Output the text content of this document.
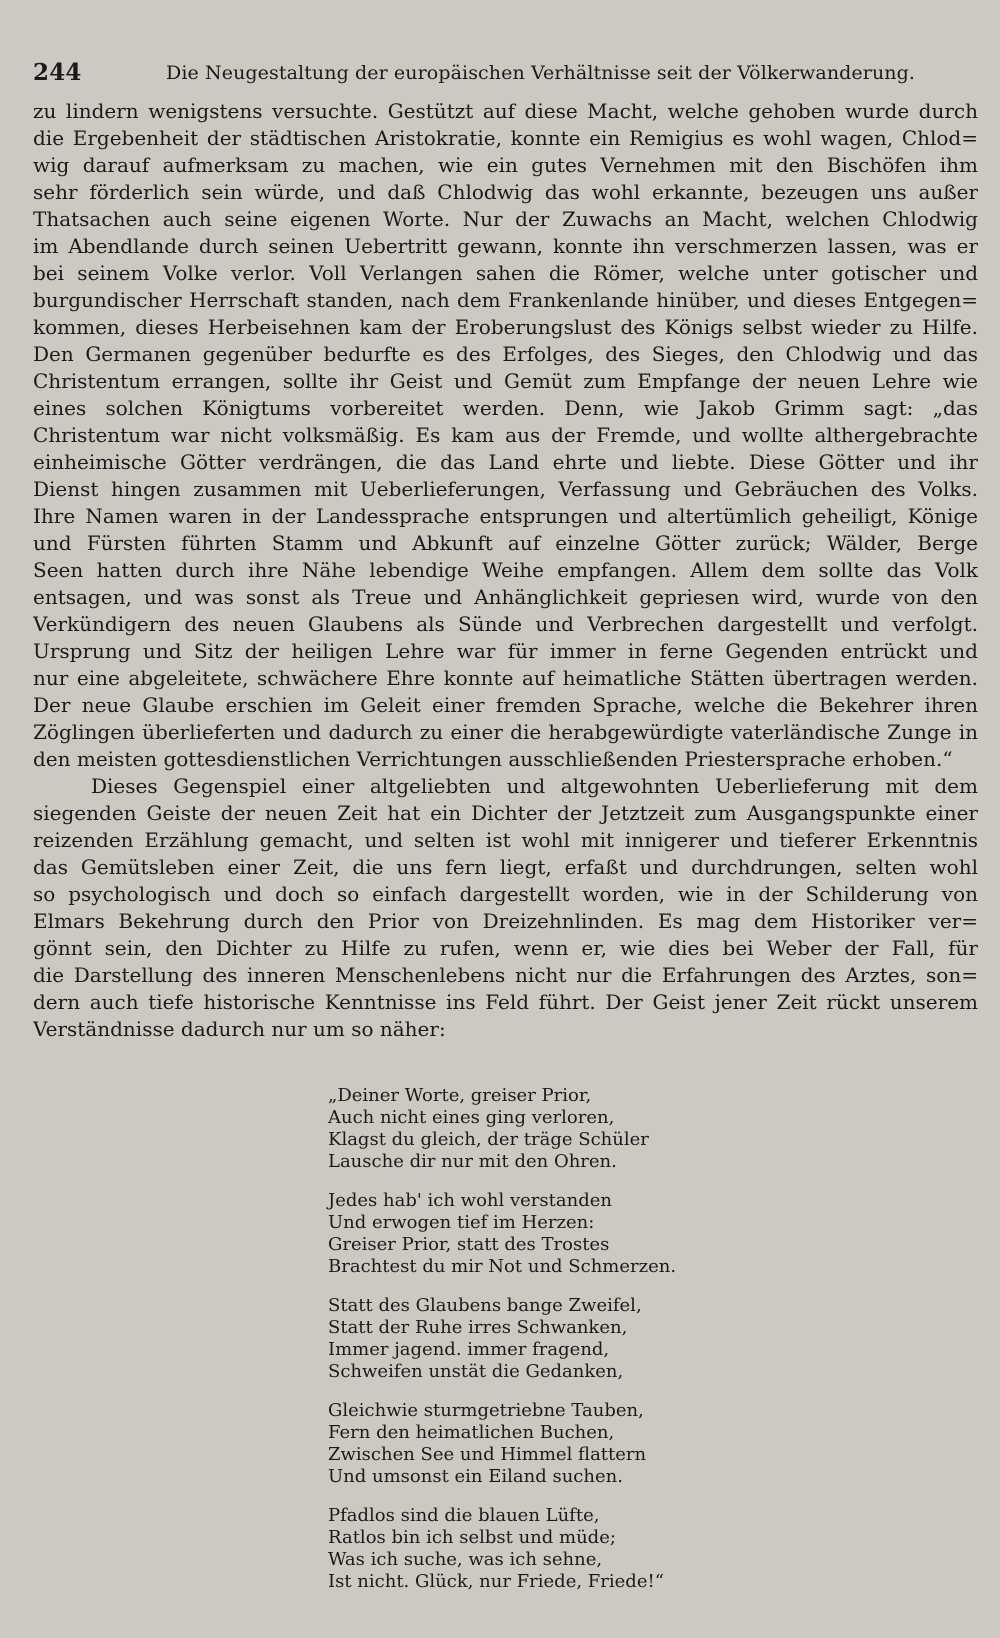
244	Die Neugestaltung der europäischen Verhältnisse seit der Völkerwanderung.
zu lindern wenigstens versuchte. Gestützt auf diese Macht, welche gehoben wurde durch
die Ergebenheit der städtischen Aristokratie, konnte ein Remigius es wohl wagen, Chlod=
wig darauf aufmerksam zu machen, wie ein gutes Vernehmen mit den Bischöfen ihm
sehr förderlich sein würde, und daß Chlodwig das wohl erkannte, bezeugen uns außer
Thatsachen auch seine eigenen Worte. Nur der Zuwachs an Macht, welchen Chlodwig
im Abendlande durch seinen Uebertritt gewann, konnte ihn verschmerzen lassen, was er
bei seinem Volke verlor. Voll Verlangen sahen die Römer, welche unter gotischer und
burgundischer Herrschaft standen, nach dem Frankenlande hinüber, und dieses Entgegen=
kommen, dieses Herbeisehnen kam der Eroberungslust des Königs selbst wieder zu Hilfe.
Den Germanen gegenüber bedurfte es des Erfolges, des Sieges, den Chlodwig und das
Christentum errangen, sollte ihr Geist und Gemüt zum Empfange der neuen Lehre wie
eines solchen Königtums vorbereitet werden. Denn, wie Jakob Grimm sagt: „das
Christentum war nicht volksmäßig. Es kam aus der Fremde, und wollte althergebrachte
einheimische Götter verdrängen, die das Land ehrte und liebte. Diese Götter und ihr
Dienst hingen zusammen mit Ueberlieferungen, Verfassung und Gebräuchen des Volks.
Ihre Namen waren in der Landessprache entsprungen und altertümlich geheiligt, Könige
und Fürsten führten Stamm und Abkunft auf einzelne Götter zurück; Wälder, Berge
Seen hatten durch ihre Nähe lebendige Weihe empfangen. Allem dem sollte das Volk
entsagen, und was sonst als Treue und Anhänglichkeit gepriesen wird, wurde von den
Verkündigern des neuen Glaubens als Sünde und Verbrechen dargestellt und verfolgt.
Ursprung und Sitz der heiligen Lehre war für immer in ferne Gegenden entrückt und
nur eine abgeleitete, schwächere Ehre konnte auf heimatliche Stätten übertragen werden.
Der neue Glaube erschien im Geleit einer fremden Sprache, welche die Bekehrer ihren
Zöglingen überlieferten und dadurch zu einer die herabgewürdigte vaterländische Zunge in
den meisten gottesdienstlichen Verrichtungen ausschließenden Priestersprache erhoben.“
Dieses Gegenspiel einer altgeliebten und altgewohnten Ueberlieferung mit dem
siegenden Geiste der neuen Zeit hat ein Dichter der Jetztzeit zum Ausgangspunkte einer
reizenden Erzählung gemacht, und selten ist wohl mit innigerer und tieferer Erkenntnis
das Gemütsleben einer Zeit, die uns fern liegt, erfaßt und durchdrungen, selten wohl
so psychologisch und doch so einfach dargestellt worden, wie in der Schilderung von
Elmars Bekehrung durch den Prior von Dreizehnlinden. Es mag dem Historiker ver=
gönnt sein, den Dichter zu Hilfe zu rufen, wenn er, wie dies bei Weber der Fall, für
die Darstellung des inneren Menschenlebens nicht nur die Erfahrungen des Arztes, son=
dern auch tiefe historische Kenntnisse ins Feld führt. Der Geist jener Zeit rückt unserem
Verständnisse dadurch nur um so näher:
„Deiner Worte, greiser Prior,
Auch nicht eines ging verloren,
Klagst du gleich, der träge Schüler
Lausche dir nur mit den Ohren.
Jedes hab' ich wohl verstanden
Und erwogen tief im Herzen:
Greiser Prior, statt des Trostes
Brachtest du mir Not und Schmerzen.
Statt des Glaubens bange Zweifel,
Statt der Ruhe irres Schwanken,
Immer jagend. immer fragend,
Schweifen unstät die Gedanken,
Gleichwie sturmgetriebne Tauben,
Fern den heimatlichen Buchen,
Zwischen See und Himmel flattern
Und umsonst ein Eiland suchen.
Pfadlos sind die blauen Lüfte,
Ratlos bin ich selbst und müde;
Was ich suche, was ich sehne,
Ist nicht. Glück, nur Friede, Friede!“
